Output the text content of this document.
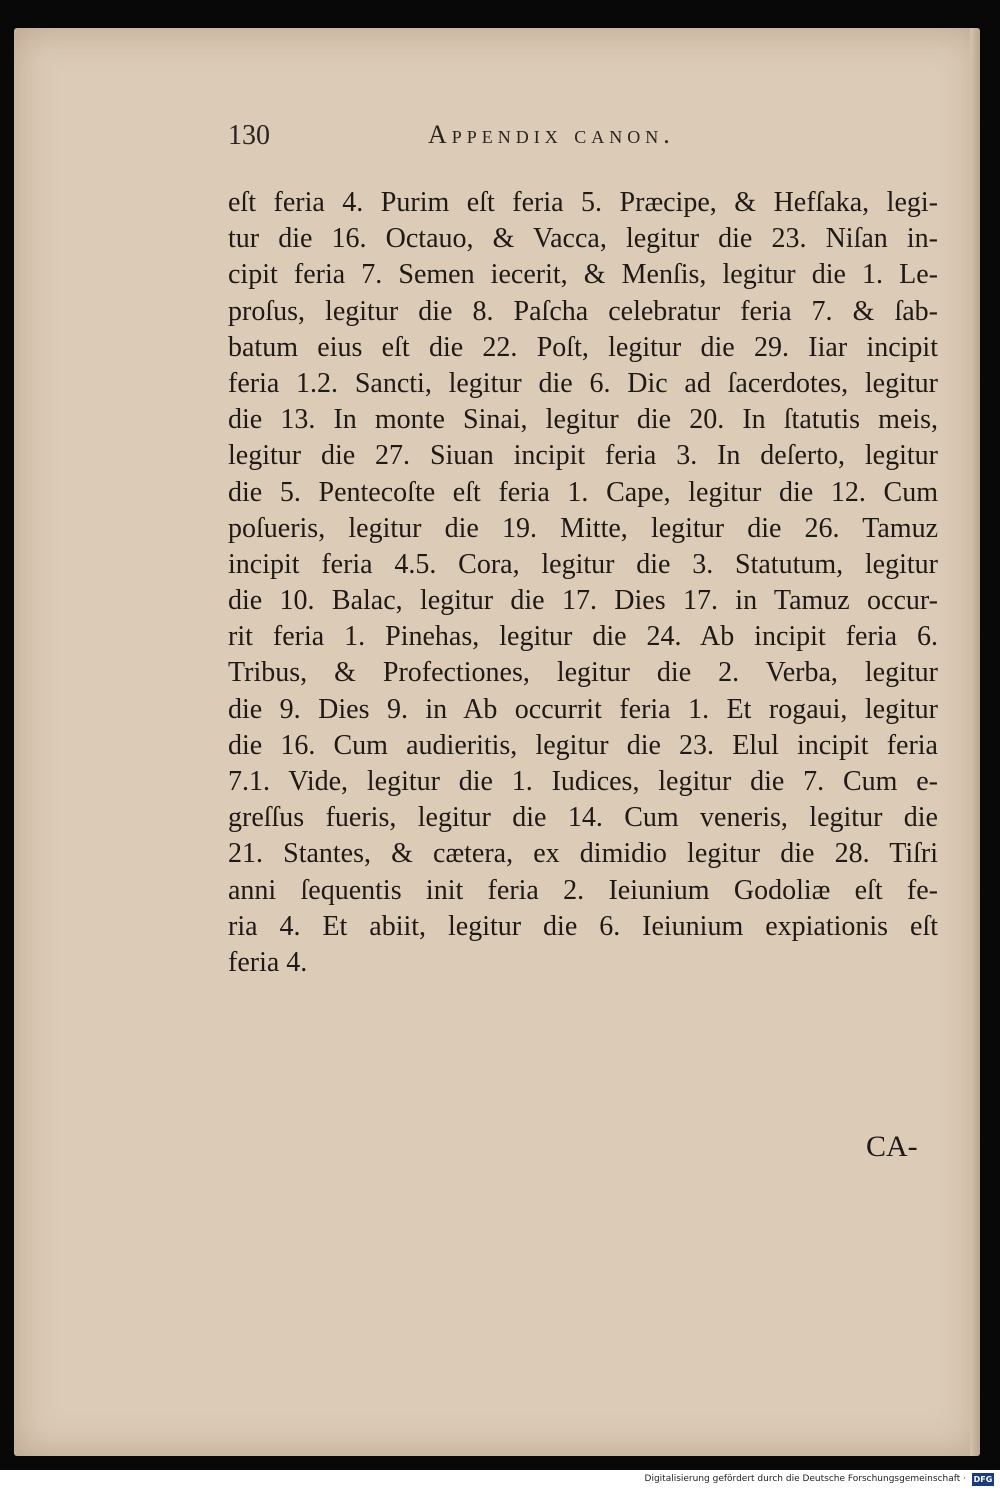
130	Appendix canon.
eſt feria 4. Purim eſt feria 5. Præcipe, & Hefſaka, legi-
tur die 16. Octauo, & Vacca, legitur die 23. Niſan in-
cipit feria 7. Semen iecerit, & Menſis, legitur die 1. Le-
proſus, legitur die 8. Paſcha celebratur feria 7. & ſab-
batum eius eſt die 22. Poſt, legitur die 29. Iiar incipit
feria 1.2. Sancti, legitur die 6. Dic ad ſacerdotes, legitur
die 13. In monte Sinai, legitur die 20. In ſtatutis meis,
legitur die 27. Siuan incipit feria 3. In deſerto, legitur
die 5. Pentecoſte eſt feria 1. Cape, legitur die 12. Cum
poſueris, legitur die 19. Mitte, legitur die 26. Tamuz
incipit feria 4.5. Cora, legitur die 3. Statutum, legitur
die 10. Balac, legitur die 17. Dies 17. in Tamuz occur-
rit feria 1. Pinehas, legitur die 24. Ab incipit feria 6.
Tribus, & Profectiones, legitur die 2. Verba, legitur
die 9. Dies 9. in Ab occurrit feria 1. Et rogaui, legitur
die 16. Cum audieritis, legitur die 23. Elul incipit feria
7.1. Vide, legitur die 1. Iudices, legitur die 7. Cum e-
greſſus fueris, legitur die 14. Cum veneris, legitur die
21. Stantes, & cætera, ex dimidio legitur die 28. Tiſri
anni ſequentis init feria 2. Ieiunium Godoliæ eſt fe-
ria 4. Et abiit, legitur die 6. Ieiunium expiationis eſt
feria 4.
CA-
Digitalisierung gefördert durch die Deutsche Forschungsgemeinschaft · DFG
